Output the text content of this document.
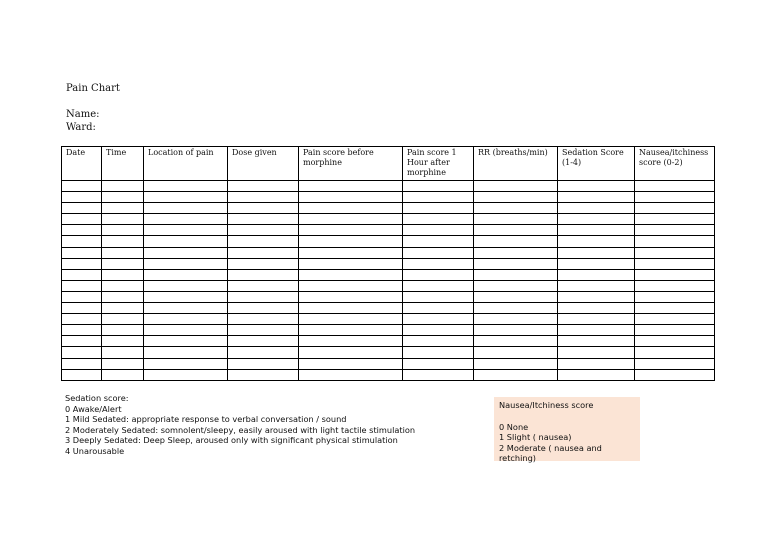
Pain Chart
Name:
Ward:
Date	Time	Location of pain	Dose given	Pain score before morphine	Pain score 1 Hour after morphine	RR (breaths/min)	Sedation Score (1-4)	Nausea/itchiness score (0-2)

Sedation score:
0 Awake/Alert
1 Mild Sedated: appropriate response to verbal conversation / sound
2 Moderately Sedated: somnolent/sleepy, easily aroused with light tactile stimulation
3 Deeply Sedated: Deep Sleep, aroused only with significant physical stimulation
4 Unarousable
Nausea/Itchiness score
0 None
1 Slight ( nausea)
2 Moderate ( nausea and retching)
